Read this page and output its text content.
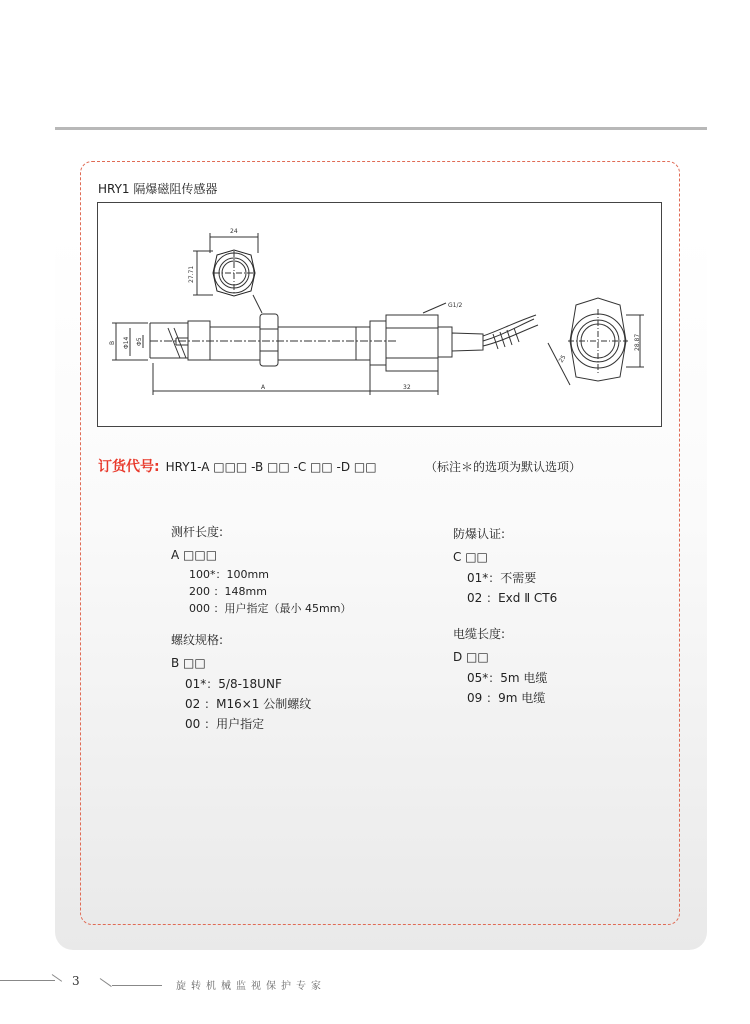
HRY1 隔爆磁阻传感器
24
27.71
B Φ14 Φ5
A	32
G1/2
28.87
25
订货代号: HRY1-A □□□ -B □□ -C □□ -D □□	（标注＊的选项为默认选项）
测杆长度:
A □□□
100*：100mm
200 ：148mm
000 ：用户指定（最小 45mm）
螺纹规格:
B □□
01*：5/8-18UNF
02 ：M16×1 公制螺纹
00 ：用户指定
防爆认证:
C □□
01*：不需要
02 ：Exd Ⅱ CT6
电缆长度:
D □□
05*：5m 电缆
09 ：9m 电缆
3	旋转机械监视保护专家
